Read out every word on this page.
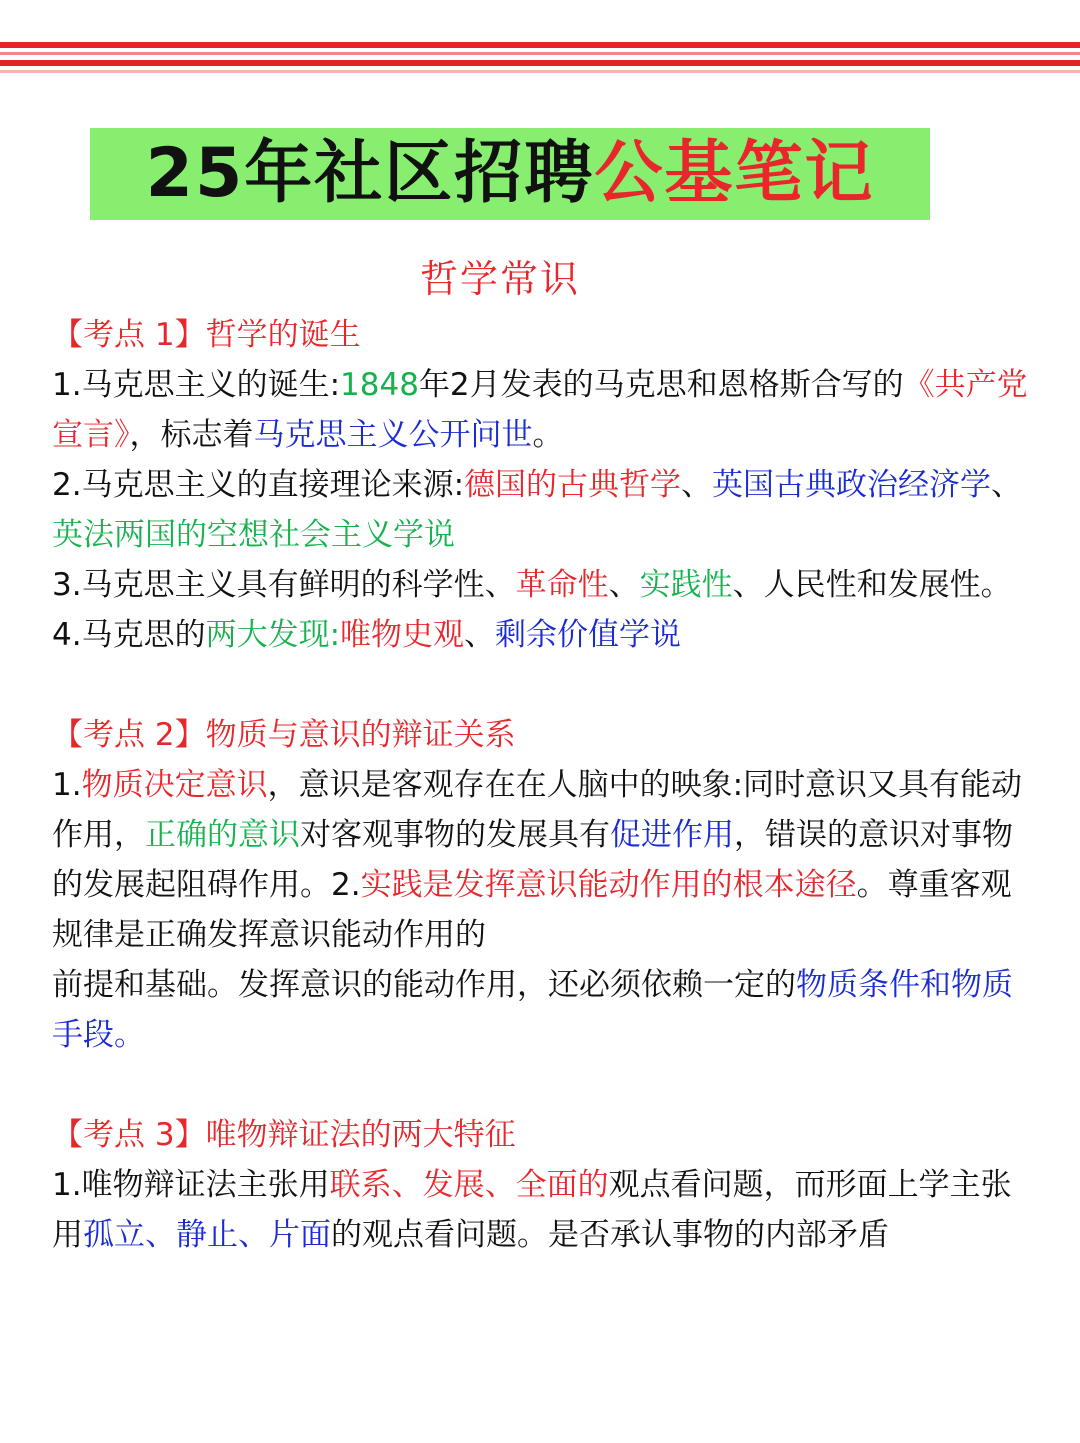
25年社区招聘 公基笔记
哲学常识

【考点 1】哲学的诞生

1.马克思主义的诞生:1848年2月发表的马克思和恩格斯合写的《共产党宣言》，标志着马克思主义公开问世。

2.马克思主义的直接理论来源:德国的古典哲学、英国古典政治经济学、英法两国的空想社会主义学说

3.马克思主义具有鲜明的科学性、革命性、实践性、人民性和发展性。

4.马克思的两大发现:唯物史观、剩余价值学说

【考点 2】物质与意识的辩证关系

1.物质决定意识，意识是客观存在在人脑中的映象:同时意识又具有能动作用，正确的意识对客观事物的发展具有促进作用，错误的意识对事物的发展起阻碍作用。2.实践是发挥意识能动作用的根本途径。尊重客观规律是正确发挥意识能动作用的

前提和基础。发挥意识的能动作用，还必须依赖一定的物质条件和物质手段。

【考点 3】唯物辩证法的两大特征

1.唯物辩证法主张用联系、发展、全面的观点看问题，而形面上学主张用孤立、静止、片面的观点看问题。是否承认事物的内部矛盾
